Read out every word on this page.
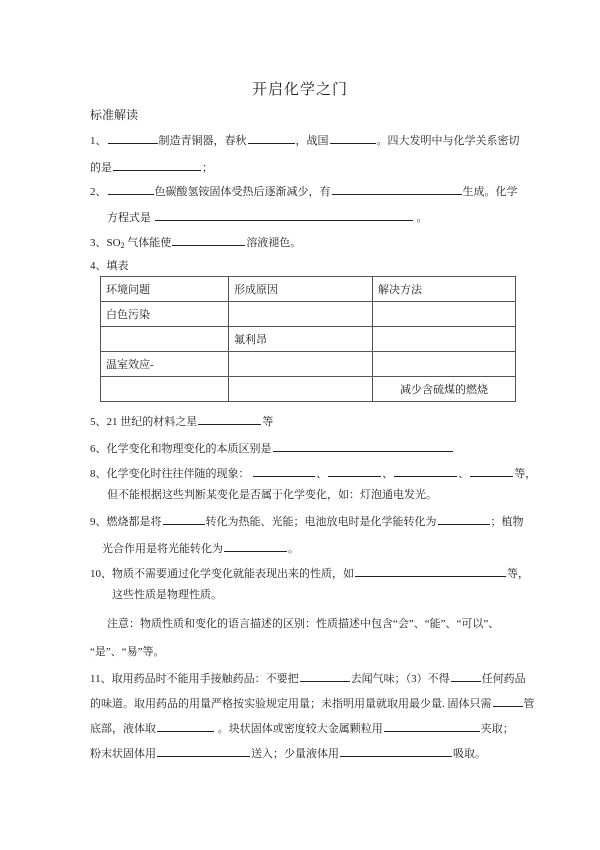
开启化学之门
标准解读
1、	制造青铜器，春秋	，战国	。四大发明中与化学关系密切
的是	；
2、	色碳酸氢铵固体受热后逐渐减少，有	生成。化学
方程式是	。
3、$SO_2$ 气体能使	溶液褪色。
4、填表
环境问题	形成原因	解决方法
白色污染		
	氟利昂	
温室效应-		
		减少含硫煤的燃烧
5、21 世纪的材料之星	等
6、化学变化和物理变化的本质区别是
8、化学变化时往往伴随的现象：	、	、	、	等，
但不能根据这些判断某变化是否属于化学变化，如：灯泡通电发光。
9、燃烧都是将	转化为热能、光能；电池放电时是化学能转化为	；植物
光合作用是将光能转化为	。
10、物质不需要通过化学变化就能表现出来的性质，如	等，
这些性质是物理性质。
注意：物质性质和变化的语言描述的区别：性质描述中包含“会”、“能”、“可以”、
“是”、“易”等。
11、取用药品时不能用手接触药品：不要把	去闻气味；（3）不得	任何药品
的味道。取用药品的用量严格按实验规定用量；未指明用量就取用最少量. 固体只需	管
底部，液体取	。块状固体或密度较大金属颗粒用	夹取；
粉末状固体用	送入；少量液体用	吸取。
